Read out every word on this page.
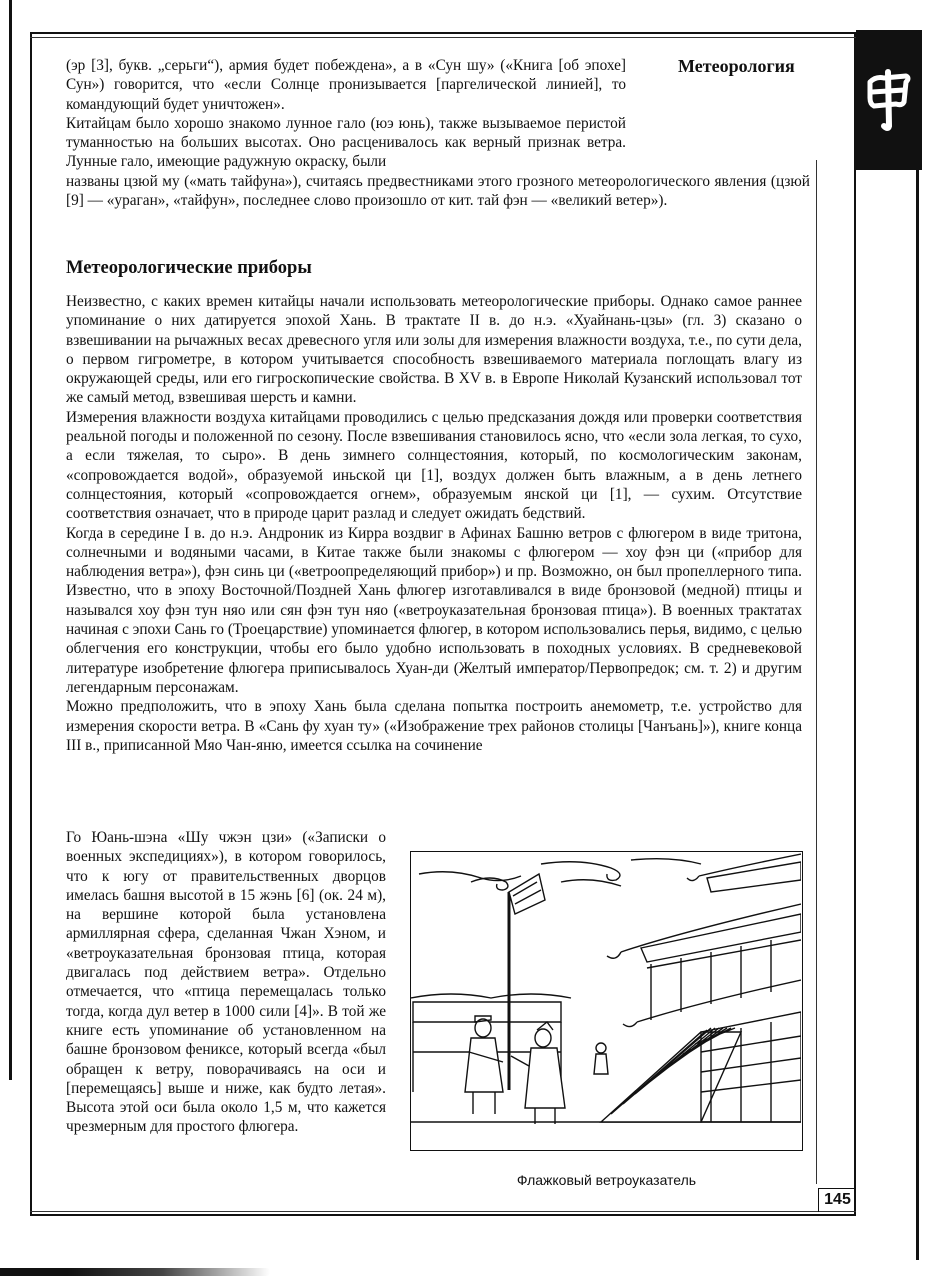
Метеорология

(эр [3], букв. „серьги“), армия будет побеждена», а в «Сун шу» («Книга [об эпохе] Сун») говорится, что «если Солнце пронизывается [паргелической линией], то командующий будет уничтожен».

Китайцам было хорошо знакомо лунное гало (юэ юнь), также вызываемое перистой туманностью на больших высотах. Оно расценивалось как верный признак ветра. Лунные гало, имеющие радужную окраску, были

названы цзюй му («мать тайфуна»), считаясь предвестниками этого грозного метеорологического явления (цзюй [9] — «ураган», «тайфун», последнее слово произошло от кит. тай фэн — «великий ветер»).

Метеорологические приборы

Неизвестно, с каких времен китайцы начали использовать метеорологические приборы. Однако самое раннее упоминание о них датируется эпохой Хань. В трактате II в. до н.э. «Хуайнань-цзы» (гл. 3) сказано о взвешивании на рычажных весах древесного угля или золы для измерения влажности воздуха, т.е., по сути дела, о первом гигрометре, в котором учитывается способность взвешиваемого материала поглощать влагу из окружающей среды, или его гигроскопические свойства. В XV в. в Европе Николай Кузанский использовал тот же самый метод, взвешивая шерсть и камни.

Измерения влажности воздуха китайцами проводились с целью предсказания дождя или проверки соответствия реальной погоды и положенной по сезону. После взвешивания становилось ясно, что «если зола легкая, то сухо, а если тяжелая, то сыро». В день зимнего солнцестояния, который, по космологическим законам, «сопровождается водой», образуемой иньской ци [1], воздух должен быть влажным, а в день летнего солнцестояния, который «сопровождается огнем», образуемым янской ци [1], — сухим. Отсутствие соответствия означает, что в природе царит разлад и следует ожидать бедствий.

Когда в середине I в. до н.э. Андроник из Кирра воздвиг в Афинах Башню ветров с флюгером в виде тритона, солнечными и водяными часами, в Китае также были знакомы с флюгером — хоу фэн ци («прибор для наблюдения ветра»), фэн синь ци («ветроопределяющий прибор») и пр. Возможно, он был пропеллерного типа. Известно, что в эпоху Восточной/Поздней Хань флюгер изготавливался в виде бронзовой (медной) птицы и назывался хоу фэн тун няо или сян фэн тун няо («ветроуказательная бронзовая птица»). В военных трактатах начиная с эпохи Сань го (Троецарствие) упоминается флюгер, в котором использовались перья, видимо, с целью облегчения его конструкции, чтобы его было удобно использовать в походных условиях. В средневековой литературе изобретение флюгера приписывалось Хуан-ди (Желтый император/Первопредок; см. т. 2) и другим легендарным персонажам.

Можно предположить, что в эпоху Хань была сделана попытка построить анемометр, т.е. устройство для измерения скорости ветра. В «Сань фу хуан ту» («Изображение трех районов столицы [Чанъань]»), книге конца III в., приписанной Мяо Чан-яню, имеется ссылка на сочинение

Го Юань-шэна «Шу чжэн цзи» («Записки о военных экспедициях»), в котором говорилось, что к югу от правительственных дворцов имелась башня высотой в 15 жэнь [6] (ок. 24 м), на вершине которой была установлена армиллярная сфера, сделанная Чжан Хэном, и «ветроуказательная бронзовая птица, которая двигалась под действием ветра». Отдельно отмечается, что «птица перемещалась только тогда, когда дул ветер в 1000 сили [4]». В той же книге есть упоминание об установленном на башне бронзовом фениксе, который всегда «был обращен к ветру, поворачиваясь на оси и [перемещаясь] выше и ниже, как будто летая». Высота этой оси была около 1,5 м, что кажется чрезмерным для простого флюгера.

Флажковый ветроуказатель
145
